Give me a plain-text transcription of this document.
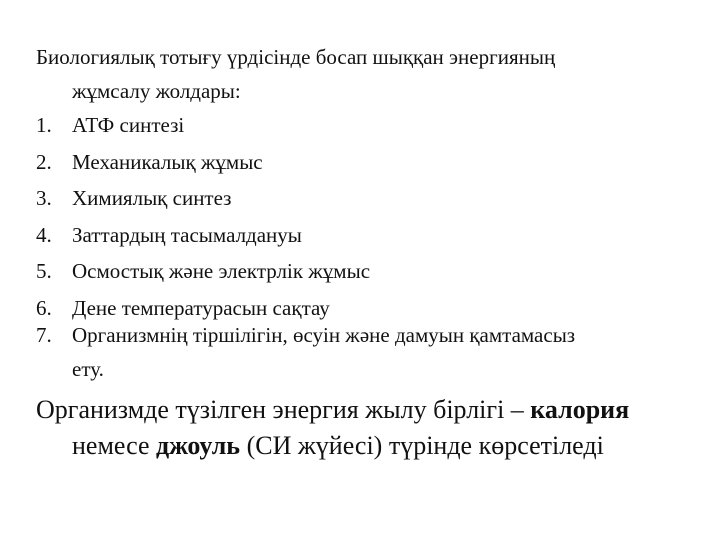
Биологиялық тотығу үрдісінде босап шыққан энергияның
жұмсалу жолдары:
1. АТФ синтезі
2. Механикалық жұмыс
3. Химиялық синтез
4. Заттардың тасымалдануы
5. Осмостық және электрлік жұмыс
6. Дене температурасын сақтау
7. Организмнің тіршілігін, өсуін және дамуын қамтамасыз
ету.
Организмде түзілген энергия жылу бірлігі – калория
немесе джоуль (СИ жүйесі) түрінде көрсетіледі
